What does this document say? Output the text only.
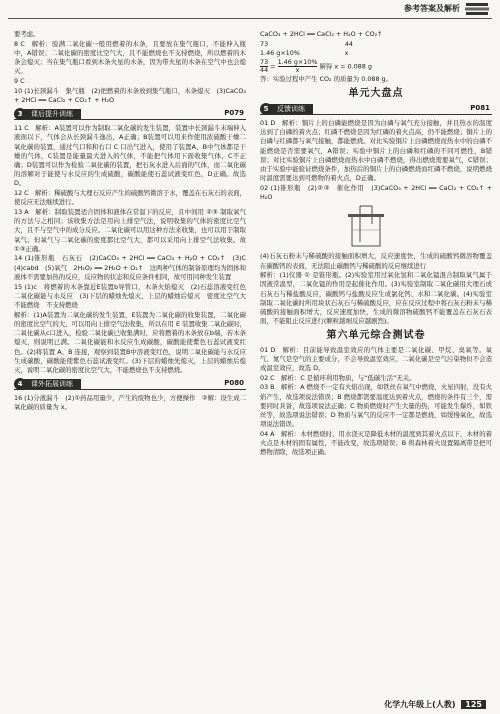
参考答案及解析

要考虑。

8 C　解析：验满二氧化碳一般用燃着的木条，且要放在集气瓶口，不能伸入瓶中，A错误；二氧化碳的密度比空气大，且不能燃烧也不支持燃烧，所以燃着的木条会熄灭；当在集气瓶口看到木条火星的木条，因为带火星的木条在空气中也会熄灭。

9 C

10 (1)长颈漏斗　集气瓶　(2)把燃着的木条放到集气瓶口，木条熄灭　(3)CaCO₃ + 2HCl ══ CaCl₂ + CO₂↑ + H₂O

课后提升训练
3	P079

11 C　解析：A装置可以作为制取二氧化碳的发生装置，装置中长颈漏斗末端伸入液面以下，气体会从长颈漏斗逸出，A正确；B装置可以用来作使用浓硫酸干燥二氧化碳的装置，通过气口和和右口 C 口出气进入，使用了装置A、B中气体都是干燥的气体，C装置是能量最大进入的气体，不能把气体用下面收集气体，C不正确；D装置可以作为检验二氧化碳的装置，把石灰水进入后面的气体，而二氧化碳的溶解对于能使与水反应的生成硫酸，碳酸能使石蕊试液变红色，D正确。故选D。

12 C　解析：稀硫酸与大理石反应产生的硫酸钙微溶于水，覆盖在石灰石的表面，使反应无法继续进行。

13 A　解析：制取装置适合固体和液体在常温下的反应，且中间用 ②③ 制取氧气的方法与之相同；该收集方法是用向上排空气法，说明收集的气体的密度比空气大，且不与空气中的成分反应。二氧化碳可以用这种方法来收集，也可以用于制取氧气；但氧气与二氧化碳的密度都比空气大，都可以采用向上排空气法收集。故①③正确。

14 (1)锥形瓶　石灰石　(2)CaCO₃ + 2HCl ══ CaCl₂ + H₂O + CO₂↑　(3)C　(4)cabd　(5)氧气　2H₂O₂ ══ 2H₂O + O₂↑　这两种气体的制备原理均为固体和液体不需要加热的反应，反应物的状态和反应条件相同，故可用同种发生装置

15 (1)c　将燃着的木条靠近E装置b导管口，木条火焰熄灭　(2)石蕊溶液变红色　二氧化碳能与水反应　(3)下层的蜡烛先熄灭，上层的蜡烛后熄灭　密度比空气大　不能燃烧　不支持燃烧

解析：(1)A装置为二氧化碳的发生装置，E装置为二氧化碳的收集装置，二氧化碳的密度比空气的大，可以用向上排空气法收集，所以在用 E 装置收集二氧化碳时，二氧化碳从c口进入，检验二氧化碳已收集满时，应将燃着的木条放在b端，若木条熄灭，则说明已满。二氧化碳能和水反应生成碳酸，碳酸能使紫色石蕊试液变红色。(2)将装置 A、B 连接，观察到装置B中溶液变红色，说明二氧化碳能与水反应生成碳酸，碳酸能使紫色石蕊试液变红。(3)下层的蜡烛先熄灭，上层的蜡烛后熄灭，说明二氧化碳的密度比空气大，不能燃烧也不支持燃烧。

课外拓展训练
4	P080

16 (1)分液漏斗　(2)①药品用量少，产生的废物也少，方便操作　②解：设生成二氧化碳的质量为 x。

CaCO₃ + 2HCl ══ CaCl₂ + H₂O + CO₂↑

73　　　　　　　　　　　　44

1.46 g×10%　　　　　　　x

$\frac{73}{44} = \frac{1.46 g\times 10\%}{x}$ 解得 x = 0.088 g

答：实验过程中产生 CO₂ 的质量为 0.088 g。

单元大盘点
反馈训练
5	P081

01 D　解析：铜片上的白磷能燃烧是因为白磷与氧气充分接触，并且热水的温度达到了白磷的着火点；红磷不燃烧是因为红磷的着火点高，仍不能燃烧；铜片上的白磷与红磷都与氧气接触，都能燃烧。对比实验铜片上白磷燃烧而热水中的白磷不能燃烧是否需要氧气，A错误；实验中铜片上的白磷和红磷的不同可燃性，B错误；对比实验铜片上白磷燃烧而热水中白磷不燃烧，得出燃烧需要氧气，C错误；由于实验中能验证燃烧条件，加热后的铜片上的白磷燃烧而红磷不燃烧，说明燃烧时温度需要达到可燃物的着火点，D正确。

02 (1)锥形瓶　(2)②③　催化作用　(3)CaCO₃ + 2HCl ══ CaCl₂ + CO₂↑ + H₂O

(4)石灰石粉末与稀硫酸的接触面积增大，反应速度快，生成的硫酸钙微溶物覆盖在碳酸钙的表面，无法阻止碳酸钙与稀硫酸的反应继续进行

解析：(1)仪器 ① 是锥形瓶。(2)实验室用过氧化氢和二氧化锰混合制取氧气属于固液常温型，二氧化锰的作用是起催化作用。(3)实验室制取二氧化碳用大理石或石灰石与稀盐酸反应，碳酸钙与盐酸反应生成氯化钙、水和二氧化碳。(4)实验室制取二氧化碳时所用块状石灰石与稀硫酸反应，应在反应过程中将石灰石粉末与稀硫酸的接触面积增大，反应速度加快，生成的微溶物硫酸钙不能覆盖在石灰石表面，不能阻止反应进行(颗粒越细反应越剧烈)。

第六单元综合测试卷

01 D　解析：目前能导致温室效应的气体主要是二氧化碳、甲烷、臭氧等。氧气、氮气是空气的主要成分，不会导致温室效应。二氧化碳是空气污染物但不会造成温室效应，故选 D。

02 C　解析：C 是循环利用物质，与“低碳生活”无关。

03 B　解析：A 燃烧不一定有火焰出现，如铁丝在氧气中燃烧，火星四射，没有火焰产生，故选项说法错误；B 燃烧都需要温度达到着火点，燃烧的条件有三个，需要同时具备，故选项说法正确；C 物质燃烧时产生大量的热，可能发生爆炸，如铁丝等，故选项说法错误；D 物质与氧气的反应不一定都是燃烧，如缓慢氧化，故选项说法错误。

04 A　解析：木材燃烧时，用水浇灭是降低木材的温度到其着火点以下，木材的着火点是木材的固有属性，不能改变，故选项错误；B 将森林着火设置隔离带是把可燃物清除，故选项正确。

化学九年级上(人教) 125
